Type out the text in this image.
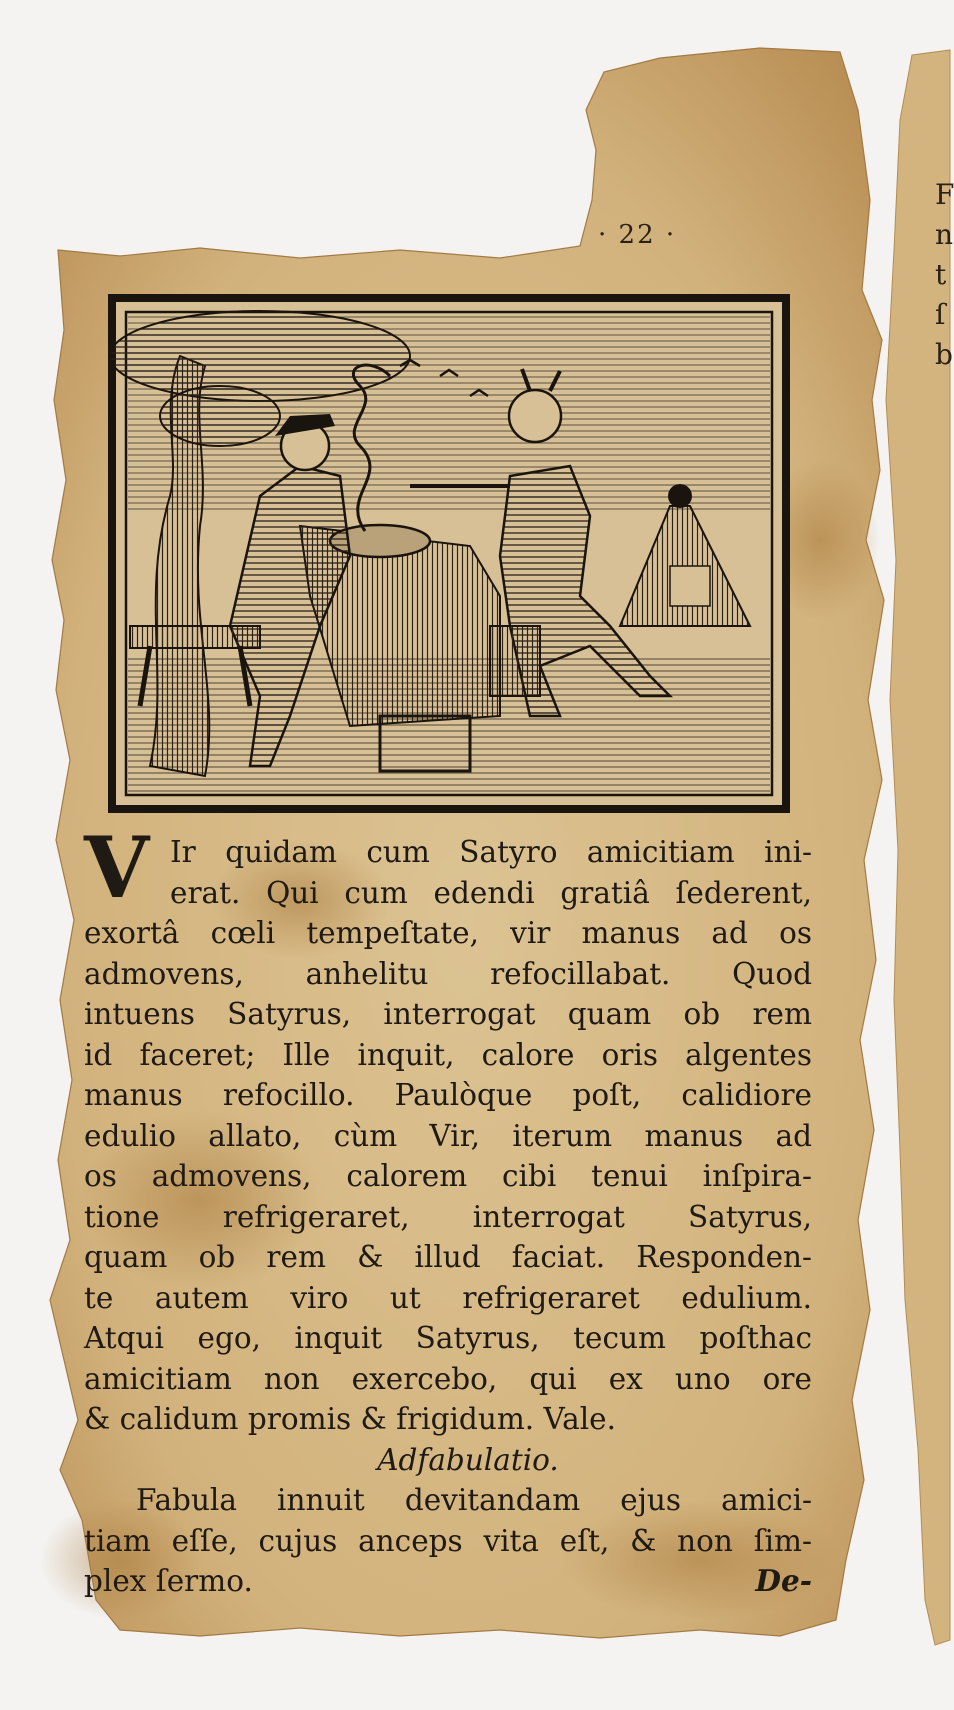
F
n
t
ſ
b
· 22 ·
V Ir quidam cum Satyro amicitiam ini-
erat. Qui cum edendi gratiâ ſederent,
exortâ cœli tempeſtate, vir manus ad os
admovens, anhelitu refocillabat. Quod
intuens Satyrus, interrogat quam ob rem
id faceret; Ille inquit, calore oris algentes
manus refocillo. Paulòque poſt, calidiore
edulio allato, cùm Vir, iterum manus ad
os admovens, calorem cibi tenui inſpira-
tione refrigeraret, interrogat Satyrus,
quam ob rem & illud faciat. Responden-
te autem viro ut refrigeraret edulium.
Atqui ego, inquit Satyrus, tecum poſthac
amicitiam non exercebo, qui ex uno ore
& calidum promis & frigidum. Vale.
Adfabulatio.
Fabula innuit devitandam ejus amici-
tiam eſſe, cujus anceps vita eſt, & non ſim-
plex ſermo.	De-
